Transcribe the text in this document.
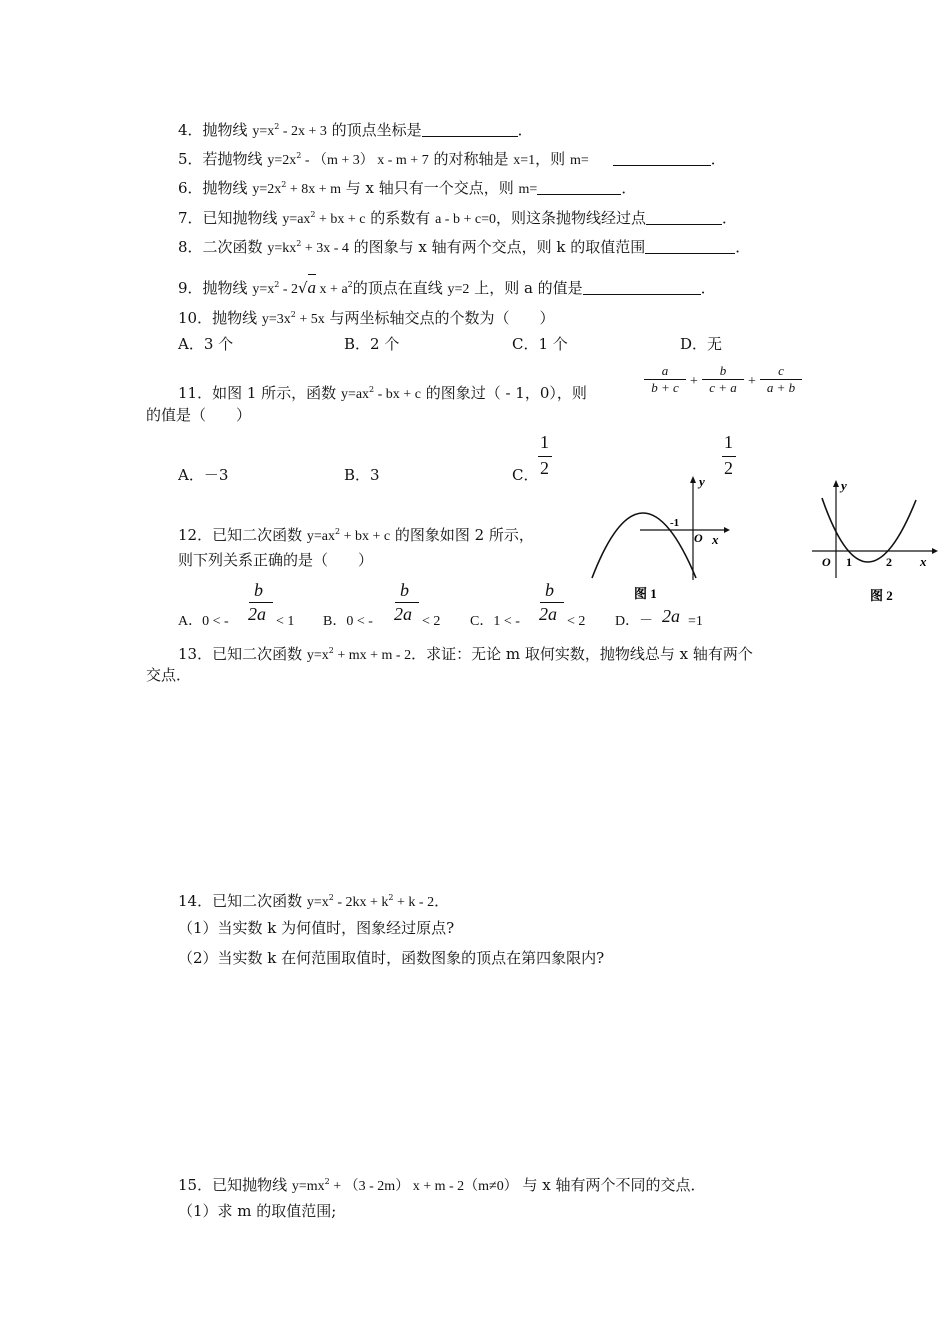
4．抛物线 $y=x^2 - 2x + 3$ 的顶点坐标是	．
5．若抛物线 $y=2x^2 - (m + 3)$ x - m + 7 的对称轴是 x=1，则 m=	．
6．抛物线 $y=2x^2 + 8x + m$ 与 x 轴只有一个交点，则 m=	．
7．已知抛物线 $y=ax^2$ + bx + c 的系数有 a - b + c=0，则这条抛物线经过点	．
8．二次函数 $y=kx^2 + 3x - 4$ 的图象与 x 轴有两个交点，则 k 的取值范围	．
9．抛物线 $y=x^2 - 2√$
a $x + a^2$的顶点在直线 y=2 上，则 a 的值是	．
10．抛物线 $y=3x^2 + 5x$ 与两坐标轴交点的个数为（　　）
A．3 个	B．2 个	C．1 个	D．无
11．如图 1 所示，函数 $y=ax^2$ - bx + c 的图象过（ - 1，0），则
a
b + c +
b
c + a +
c
a + b
的值是（　　）
A．－3	B．3	C．
1
2
1
2
12．已知二次函数 $y=ax^2$ + bx + c 的图象如图 2 所示，
则下列关系正确的是（　　）
A．0 < -
b
2a < 1 B．0 < -
b
2a < 2 C．1 < -
b
2a < 2 D．－ 2a =1
y
x
O
-1
图 1
y
x
O 1	2
图 2
13．已知二次函数 $y=x^2$ + mx + m - 2．求证：无论 m 取何实数，抛物线总与 x 轴有两个
交点．
14．已知二次函数 $y=x^2 - 2kx + k^2 + k - 2$．
（1）当实数 k 为何值时，图象经过原点?
（2）当实数 k 在何范围取值时，函数图象的顶点在第四象限内?
15．已知抛物线 $y=mx^2 + (3 - 2m) x + m - 2(m\ne 0)$ 与 x 轴有两个不同的交点．
（1）求 m 的取值范围;
